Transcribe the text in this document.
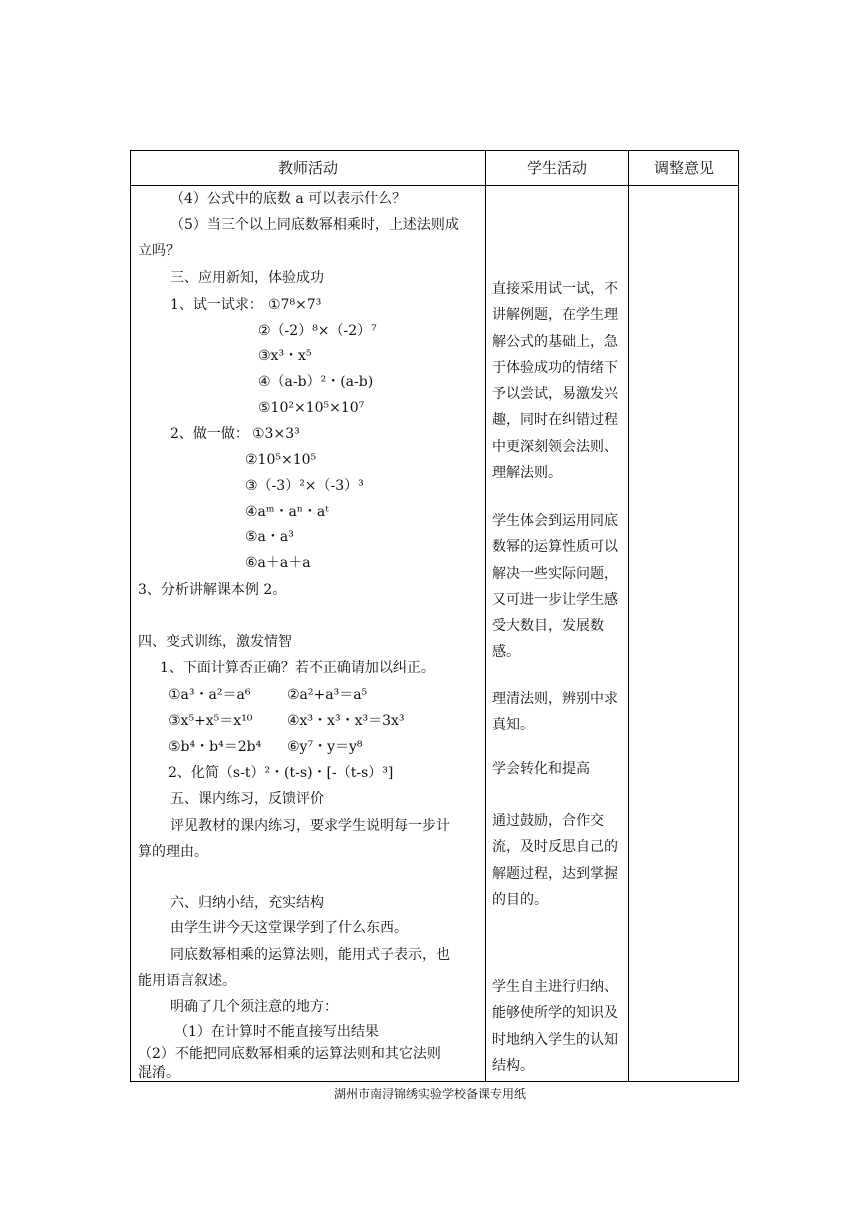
教师活动	学生活动	调整意见
（4）公式中的底数 a 可以表示什么？
（5）当三个以上同底数幂相乘时，上述法则成
立吗？
三、应用新知，体验成功
1、试一试求： ①7⁸×7³
②（-2）⁸×（-2）⁷
③x³・x⁵
④（a-b）²・(a-b)
⑤10²×10⁵×10⁷
2、做一做： ①3×3³
②10⁵×10⁵
③（-3）²×（-3）³
④aᵐ・aⁿ・aᵗ
⑤a・a³
⑥a＋a＋a
3、分析讲解课本例 2。
四、变式训练，激发情智
1、下面计算否正确？若不正确请加以纠正。
①a³・a²＝a⁶	②a²+a³＝a⁵
③x⁵+x⁵＝x¹⁰ ④x³・x³・x³＝3x³
⑤b⁴・b⁴＝2b⁴ ⑥y⁷・y＝y⁸
2、化简（s-t）²・(t-s)・[-（t-s）³]
五、课内练习，反馈评价
评见教材的课内练习，要求学生说明每一步计
算的理由。
六、归纳小结，充实结构
由学生讲今天这堂课学到了什么东西。
同底数幂相乘的运算法则，能用式子表示，也
能用语言叙述。
明确了几个须注意的地方：
（1）在计算时不能直接写出结果
（2）不能把同底数幂相乘的运算法则和其它法则
混淆。
直接采用试一试，不讲解例题，在学生理解公式的基础上，急于体验成功的情绪下予以尝试，易激发兴趣，同时在纠错过程中更深刻领会法则、理解法则。
学生体会到运用同底数幂的运算性质可以解决一些实际问题，又可进一步让学生感受大数目，发展数感。
理清法则，辨别中求真知。
学会转化和提高
通过鼓励，合作交流，及时反思自己的解题过程，达到掌握的目的。
学生自主进行归纳、能够使所学的知识及时地纳入学生的认知结构。
湖州市南浔锦绣实验学校备课专用纸
